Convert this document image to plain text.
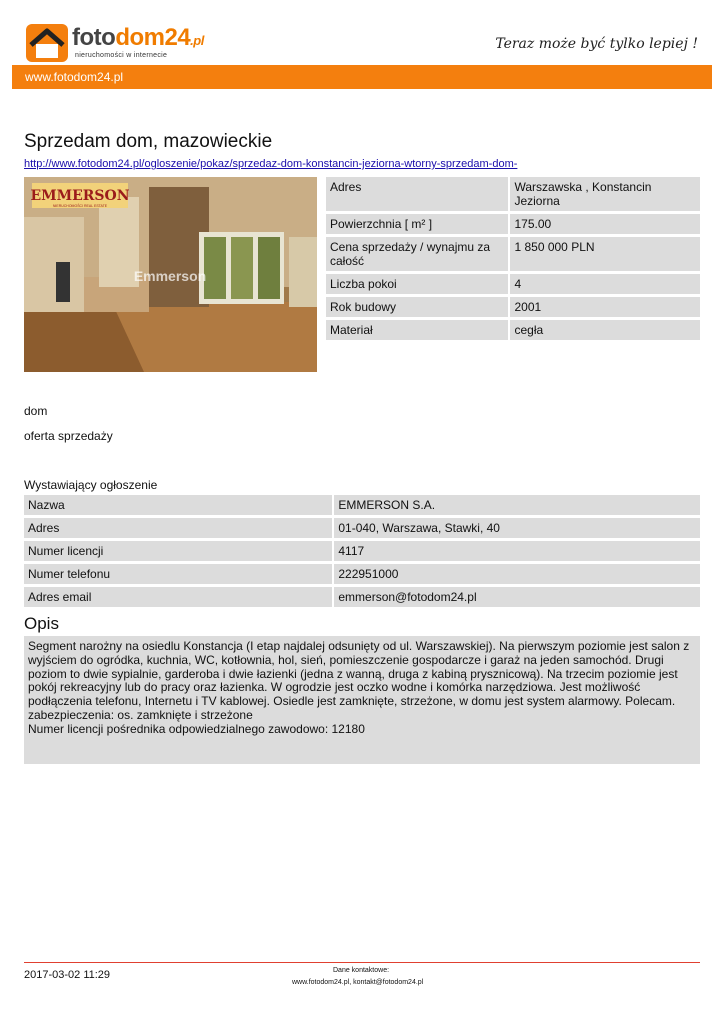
fotodom24.pl
nieruchomości w internecie
Teraz może być tylko lepiej !
www.fotodom24.pl
Sprzedam dom, mazowieckie
http://www.fotodom24.pl/ogloszenie/pokaz/sprzedaz-dom-konstancin-jeziorna-wtorny-sprzedam-dom-
EMMERSON
NIERUCHOMOŚCI REAL ESTATE
Emmerson
Adres		Warszawska , Konstancin Jeziorna
Powierzchnia [ m² ]		175.00
Cena sprzedaży / wynajmu za całość		1 850 000 PLN
Liczba pokoi		4
Rok budowy		2001
Materiał		cegła
dom
oferta sprzedaży
Wystawiający ogłoszenie
Nazwa		EMMERSON S.A.
Adres		01-040, Warszawa, Stawki, 40
Numer licencji		4117
Numer telefonu		222951000
Adres email		emmerson@fotodom24.pl
Opis
Segment narożny na osiedlu Konstancja (I etap najdalej odsunięty od ul. Warszawskiej). Na pierwszym poziomie jest salon z wyjściem do ogródka, kuchnia, WC, kotłownia, hol, sień, pomieszczenie gospodarcze i garaż na jeden samochód. Drugi poziom to dwie sypialnie, garderoba i dwie łazienki (jedna z wanną, druga z kabiną prysznicową). Na trzecim poziomie jest pokój rekreacyjny lub do pracy oraz łazienka. W ogrodzie jest oczko wodne i komórka narzędziowa. Jest możliwość podłączenia telefonu, Internetu i TV kablowej. Osiedle jest zamknięte, strzeżone, w domu jest system alarmowy. Polecam.
zabezpieczenia: os. zamknięte i strzeżone
Numer licencji pośrednika odpowiedzialnego zawodowo: 12180
2017-03-02 11:29	Dane kontaktowe:
www.fotodom24.pl, kontakt@fotodom24.pl
